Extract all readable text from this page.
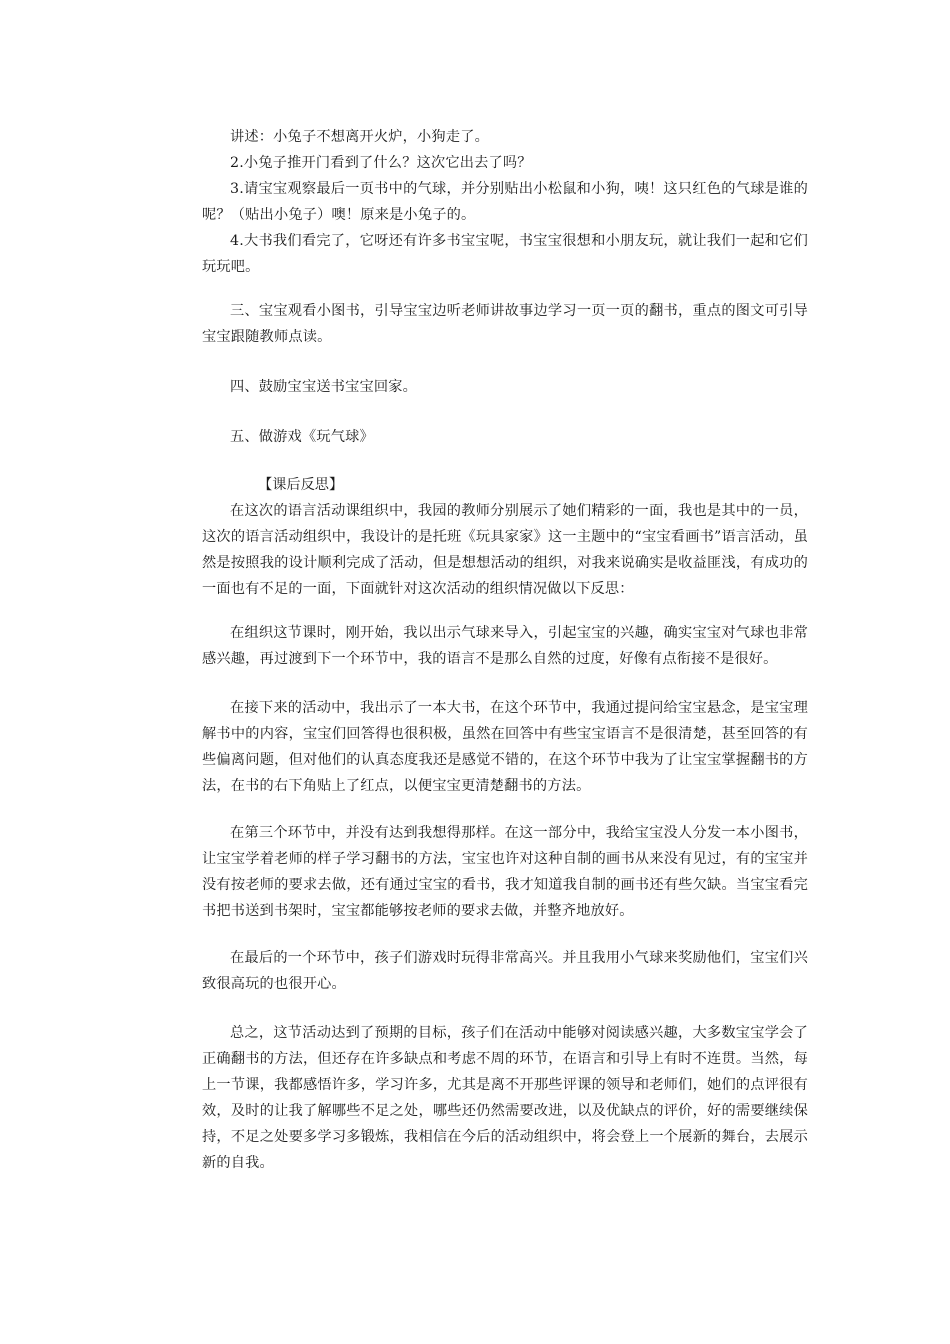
讲述：小兔子不想离开火炉，小狗走了。

2.小兔子推开门看到了什么？这次它出去了吗？

3.请宝宝观察最后一页书中的气球，并分别贴出小松鼠和小狗，咦！这只红色的气球是谁的呢？（贴出小兔子）噢！原来是小兔子的。

4.大书我们看完了，它呀还有许多书宝宝呢，书宝宝很想和小朋友玩，就让我们一起和它们玩玩吧。

三、宝宝观看小图书，引导宝宝边听老师讲故事边学习一页一页的翻书，重点的图文可引导宝宝跟随教师点读。

四、鼓励宝宝送书宝宝回家。

五、做游戏《玩气球》

【课后反思】

在这次的语言活动课组织中，我园的教师分别展示了她们精彩的一面，我也是其中的一员，这次的语言活动组织中，我设计的是托班《玩具家家》这一主题中的“宝宝看画书”语言活动，虽然是按照我的设计顺利完成了活动，但是想想活动的组织，对我来说确实是收益匪浅，有成功的一面也有不足的一面，下面就针对这次活动的组织情况做以下反思：

在组织这节课时，刚开始，我以出示气球来导入，引起宝宝的兴趣，确实宝宝对气球也非常感兴趣，再过渡到下一个环节中，我的语言不是那么自然的过度，好像有点衔接不是很好。

在接下来的活动中，我出示了一本大书，在这个环节中，我通过提问给宝宝悬念，是宝宝理解书中的内容，宝宝们回答得也很积极，虽然在回答中有些宝宝语言不是很清楚，甚至回答的有些偏离问题，但对他们的认真态度我还是感觉不错的，在这个环节中我为了让宝宝掌握翻书的方法，在书的右下角贴上了红点，以便宝宝更清楚翻书的方法。

在第三个环节中，并没有达到我想得那样。在这一部分中，我给宝宝没人分发一本小图书，让宝宝学着老师的样子学习翻书的方法，宝宝也许对这种自制的画书从来没有见过，有的宝宝并没有按老师的要求去做，还有通过宝宝的看书，我才知道我自制的画书还有些欠缺。当宝宝看完书把书送到书架时，宝宝都能够按老师的要求去做，并整齐地放好。

在最后的一个环节中，孩子们游戏时玩得非常高兴。并且我用小气球来奖励他们，宝宝们兴致很高玩的也很开心。

总之，这节活动达到了预期的目标，孩子们在活动中能够对阅读感兴趣，大多数宝宝学会了正确翻书的方法，但还存在许多缺点和考虑不周的环节，在语言和引导上有时不连贯。当然，每上一节课，我都感悟许多，学习许多，尤其是离不开那些评课的领导和老师们，她们的点评很有效，及时的让我了解哪些不足之处，哪些还仍然需要改进，以及优缺点的评价，好的需要继续保持，不足之处要多学习多锻炼，我相信在今后的活动组织中，将会登上一个展新的舞台，去展示新的自我。
